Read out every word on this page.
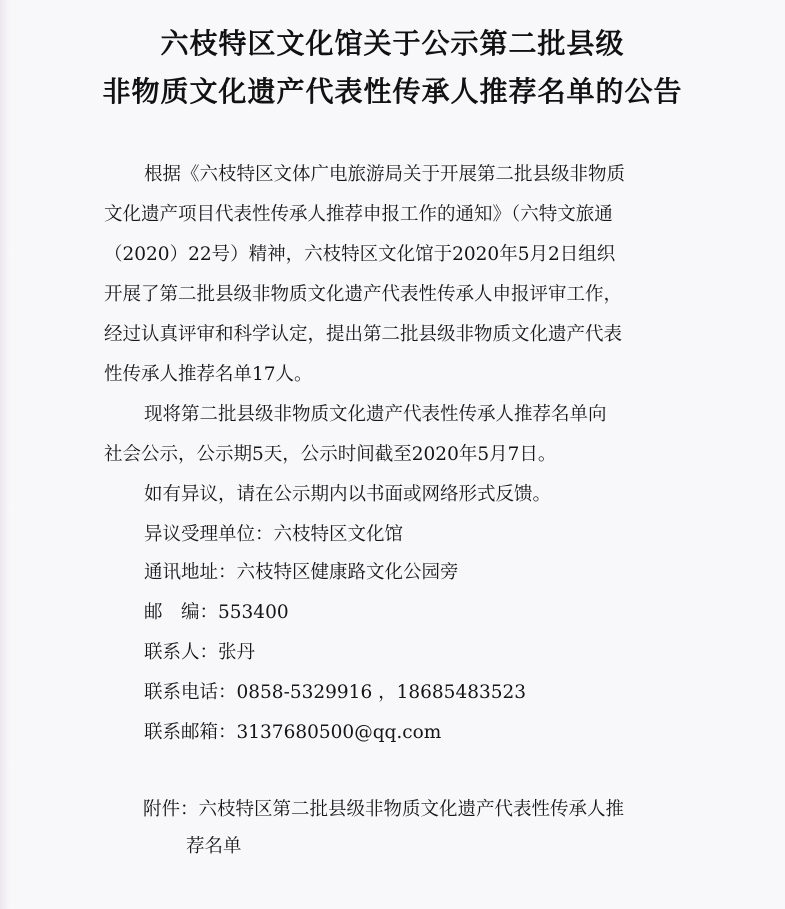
六枝特区文化馆关于公示第二批县级
非物质文化遗产代表性传承人推荐名单的公告
根据《六枝特区文体广电旅游局关于开展第二批县级非物质
文化遗产项目代表性传承人推荐申报工作的通知》（六特文旅通
（2020）22号）精神，六枝特区文化馆于2020年5月2日组织
开展了第二批县级非物质文化遗产代表性传承人申报评审工作，
经过认真评审和科学认定，提出第二批县级非物质文化遗产代表
性传承人推荐名单17人。
现将第二批县级非物质文化遗产代表性传承人推荐名单向
社会公示，公示期5天，公示时间截至2020年5月7日。
如有异议，请在公示期内以书面或网络形式反馈。
异议受理单位：六枝特区文化馆
通讯地址：六枝特区健康路文化公园旁
邮　编：553400
联系人：张丹
联系电话：0858-5329916 ，18685483523
联系邮箱：3137680500@qq.com
附件：六枝特区第二批县级非物质文化遗产代表性传承人推
荐名单
